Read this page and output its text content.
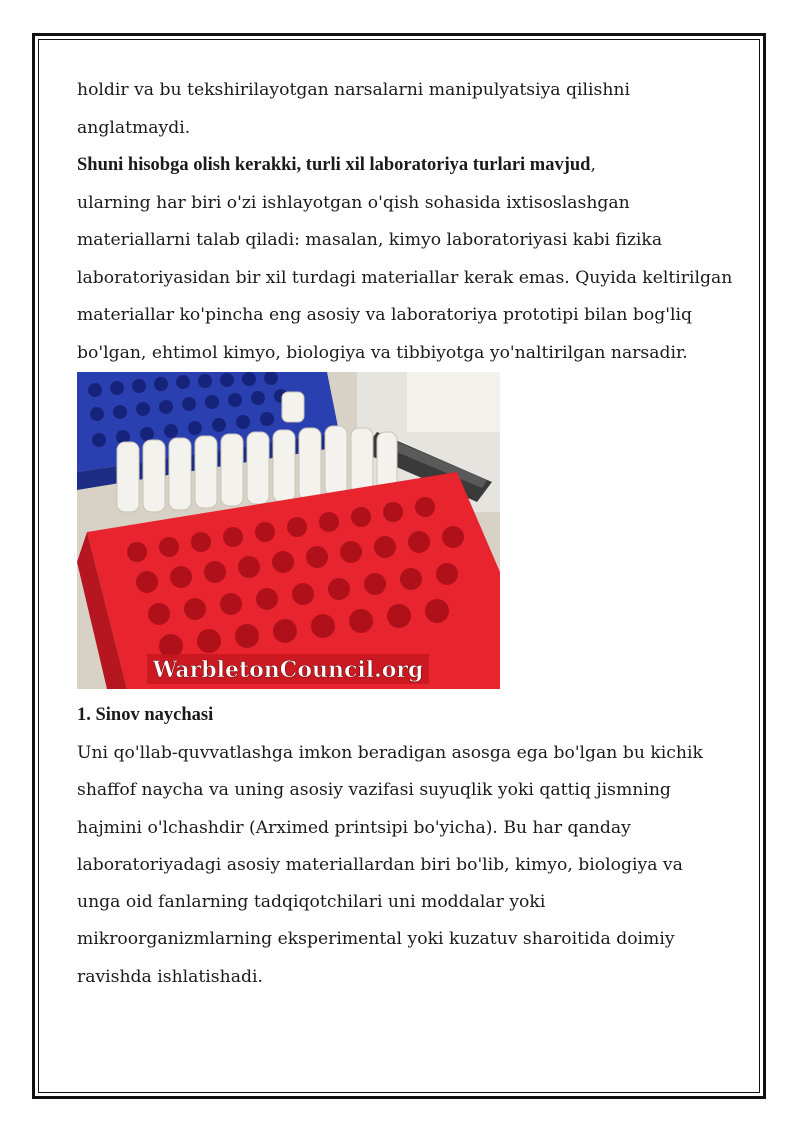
holdir va bu tekshirilayotgan narsalarni manipulyatsiya qilishni
anglatmaydi.

Shuni hisobga olish kerakki, turli xil laboratoriya turlari mavjud,
ularning har biri o'zi ishlayotgan o'qish sohasida ixtisoslashgan
materiallarni talab qiladi: masalan, kimyo laboratoriyasi kabi fizika
laboratoriyasidan bir xil turdagi materiallar kerak emas. Quyida keltirilgan
materiallar ko'pincha eng asosiy va laboratoriya prototipi bilan bog'liq
bo'lgan, ehtimol kimyo, biologiya va tibbiyotga yo'naltirilgan narsadir.

WarbletonCouncil.org
1. Sinov naychasi
Uni qo'llab-quvvatlashga imkon beradigan asosga ega bo'lgan bu kichik
shaffof naycha va uning asosiy vazifasi suyuqlik yoki qattiq jismning
hajmini o'lchashdir (Arximed printsipi bo'yicha). Bu har qanday
laboratoriyadagi asosiy materiallardan biri bo'lib, kimyo, biologiya va
unga oid fanlarning tadqiqotchilari uni moddalar yoki
mikroorganizmlarning eksperimental yoki kuzatuv sharoitida doimiy
ravishda ishlatishadi.
